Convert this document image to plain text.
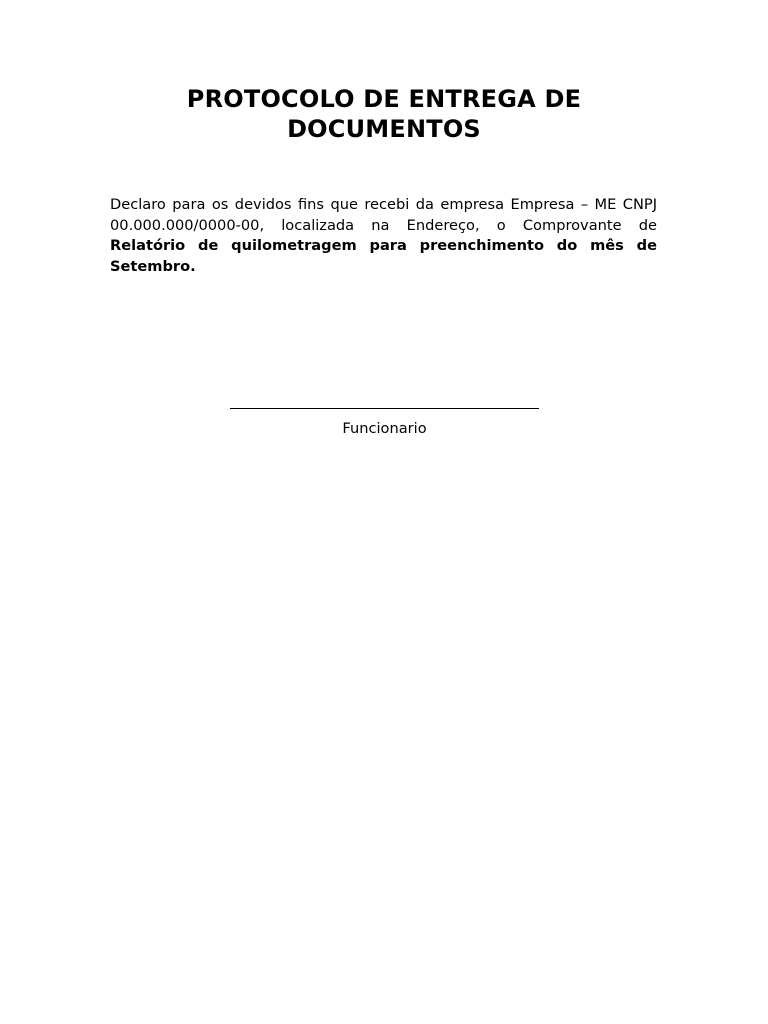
PROTOCOLO DE ENTREGA DE DOCUMENTOS

Declaro para os devidos fins que recebi da empresa Empresa – ME CNPJ 00.000.000/0000-00, localizada na Endereço, o Comprovante de Relatório de quilometragem para preenchimento do mês de Setembro.

Funcionario
